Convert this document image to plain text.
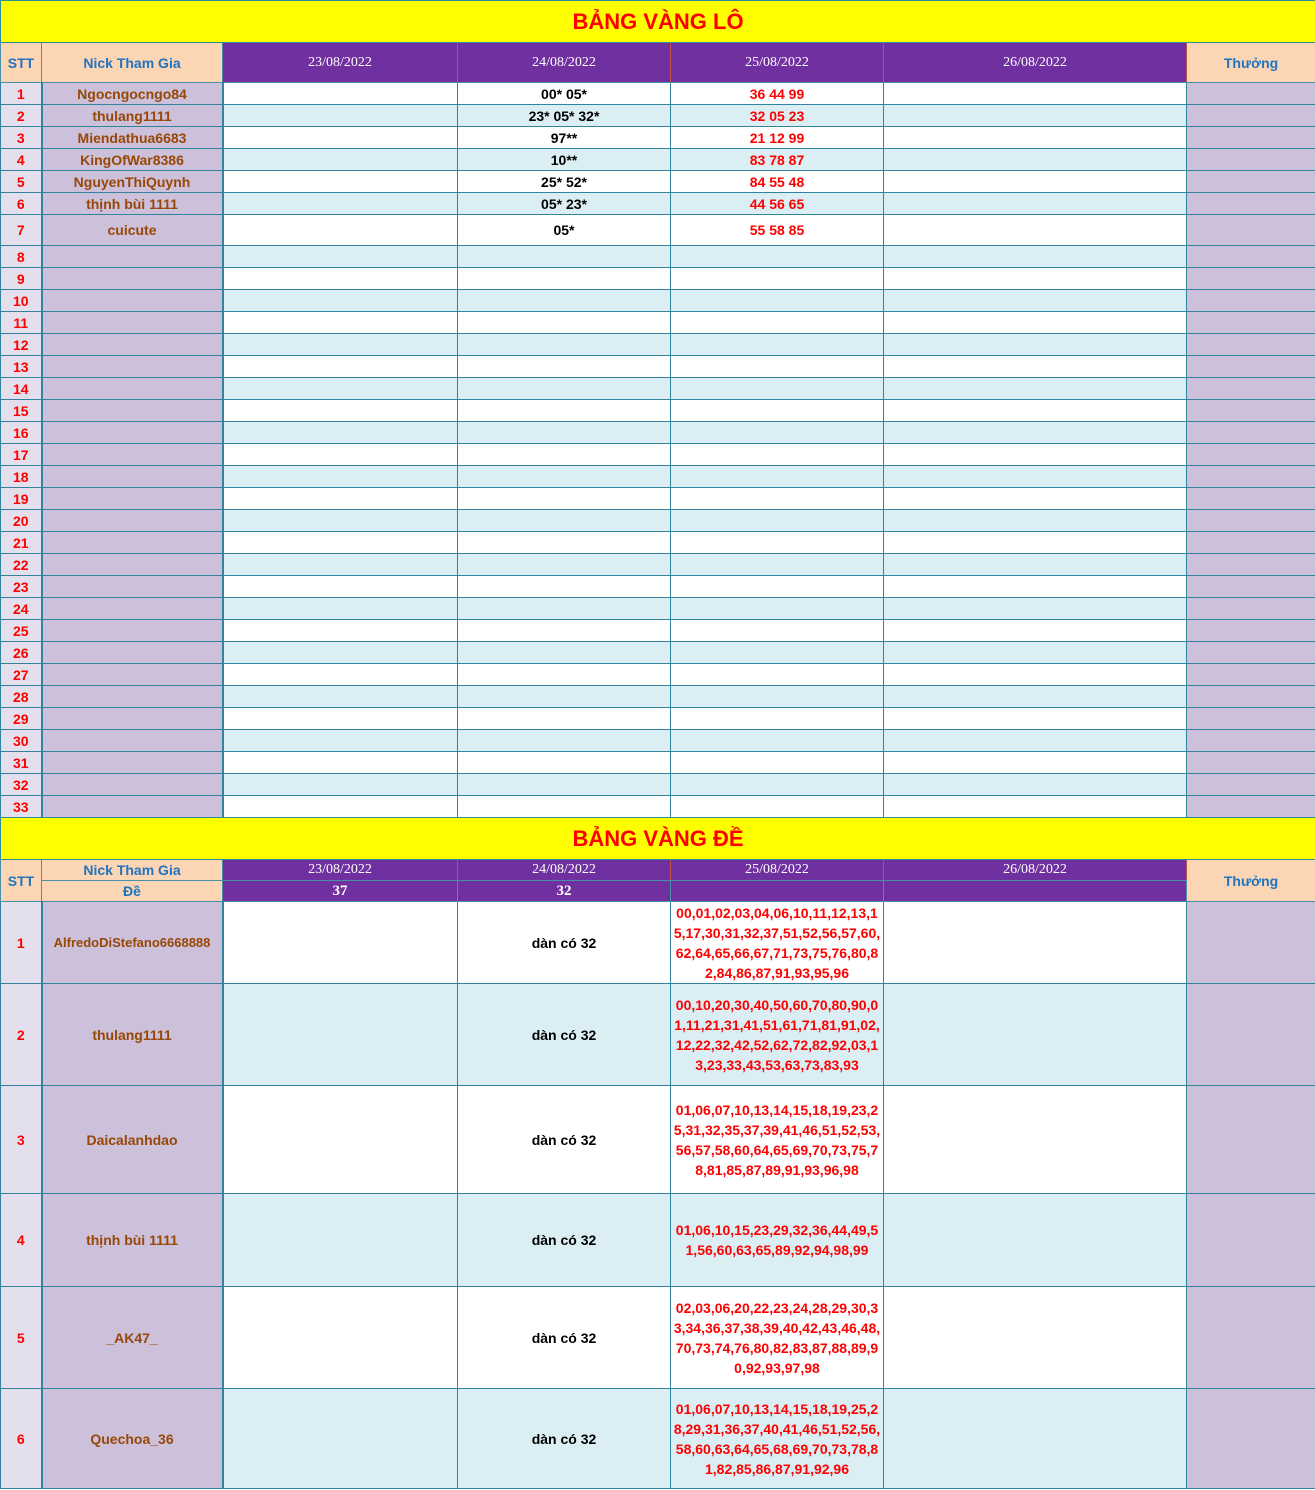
BẢNG VÀNG LÔ						
STT	Nick Tham Gia	23/08/2022	24/08/2022	25/08/2022	26/08/2022	Thưởng
1	Ngocngocngo84		00* 05*	36 44 99		
2	thulang1111		23* 05* 32*	32 05 23		
3	Miendathua6683		97**	21 12 99		
4	KingOfWar8386		10**	83 78 87		
5	NguyenThiQuynh		25* 52*	84 55 48		
6	thịnh bùi 1111		05* 23*	44 56 65		
7	cuicute		05*	55 58 85		
8						
9						
10						
11						
12						
13						
14						
15						
16						
17						
18						
19						
20						
21						
22						
23						
24						
25						
26						
27						
28						
29						
30						
31						
32						
33						
BẢNG VÀNG ĐỀ						
STT	Nick Tham Gia	23/08/2022	24/08/2022	25/08/2022	26/08/2022	Thưởng
	Đề	37	32			
1	AlfredoDiStefano6668888		dàn có 32	00,01,02,03,04,06,10,11,12,13,15,17,30,31,32,37,51,52,56,57,60,62,64,65,66,67,71,73,75,76,80,82,84,86,87,91,93,95,96		
2	thulang1111		dàn có 32	00,10,20,30,40,50,60,70,80,90,01,11,21,31,41,51,61,71,81,91,02,12,22,32,42,52,62,72,82,92,03,13,23,33,43,53,63,73,83,93		
3	Daicalanhdao		dàn có 32	01,06,07,10,13,14,15,18,19,23,25,31,32,35,37,39,41,46,51,52,53,56,57,58,60,64,65,69,70,73,75,78,81,85,87,89,91,93,96,98		
4	thịnh bùi 1111		dàn có 32	01,06,10,15,23,29,32,36,44,49,51,56,60,63,65,89,92,94,98,99		
5	_AK47_		dàn có 32	02,03,06,20,22,23,24,28,29,30,33,34,36,37,38,39,40,42,43,46,48,70,73,74,76,80,82,83,87,88,89,90,92,93,97,98		
6	Quechoa_36		dàn có 32	01,06,07,10,13,14,15,18,19,25,28,29,31,36,37,40,41,46,51,52,56,58,60,63,64,65,68,69,70,73,78,81,82,85,86,87,91,92,96		
